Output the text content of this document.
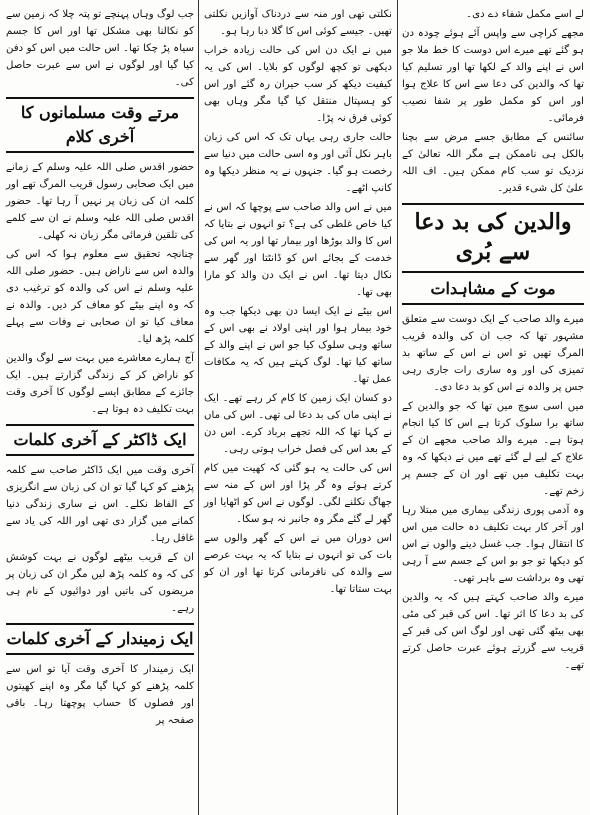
لے اسے مکمل شفاء دے دی۔

مجھے کراچی سے واپس آئے ہوئے چودہ دن ہو گئے تھے میرے اس دوست کا خط ملا جو اس نے اپنے والد کے لکھا تھا اور تسلیم کیا تھا کہ والدین کی دعا سے اس کا علاج ہوا اور اس کو مکمل طور پر شفا نصیب فرمائی۔

سائنس کے مطابق جسے مرض سے بچنا بالکل ہی ناممکن ہے مگر اللہ تعالیٰ کے نزدیک تو سب کام ممکن ہیں۔ اف اللہ علیٰ کل شیء قدیر۔

والدین کی بد دعا سے بُری
موت کے مشاہدات

میرے والد صاحب کے ایک دوست سے متعلق مشہور تھا کہ جب ان کی والدہ قریب المرگ تھیں تو اس نے اس کے ساتھ بد تمیزی کی اور وہ ساری رات جاری رہی جس پر والدہ نے اس کو بد دعا دی۔

میں اسی سوچ میں تھا کہ جو والدین کے ساتھ برا سلوک کرتا ہے اس کا کیا انجام ہوتا ہے۔ میرے والد صاحب مجھے ان کے علاج کے لیے لے گئے تھے میں نے دیکھا کہ وہ بہت تکلیف میں تھے اور ان کے جسم پر زخم تھے۔

وہ آدمی پوری زندگی بیماری میں مبتلا رہا اور آخر کار بہت تکلیف دہ حالت میں اس کا انتقال ہوا۔ جب غسل دینے والوں نے اس کو دیکھا تو جو بو اس کے جسم سے آ رہی تھی وہ برداشت سے باہر تھی۔

میرے والد صاحب کہتے ہیں کہ یہ والدین کی بد دعا کا اثر تھا۔ اس کی قبر کی مٹی بھی بیٹھ گئی تھی اور لوگ اس کی قبر کے قریب سے گزرتے ہوئے عبرت حاصل کرتے تھے۔

نکلتی تھی اور منہ سے دردناک آوازیں نکلتی تھیں۔ جیسے کوئی اس کا گلا دبا رہا ہو۔

میں نے ایک دن اس کی حالت زیادہ خراب دیکھی تو کچھ لوگوں کو بلایا۔ اس کی یہ کیفیت دیکھ کر سب حیران رہ گئے اور اس کو ہسپتال منتقل کیا گیا مگر وہاں بھی کوئی فرق نہ پڑا۔

حالت جاری رہی یہاں تک کہ اس کی زبان باہر نکل آئی اور وہ اسی حالت میں دنیا سے رخصت ہو گیا۔ جنہوں نے یہ منظر دیکھا وہ کانپ اٹھے۔

میں نے اس والد صاحب سے پوچھا کہ اس نے کیا خاص غلطی کی ہے؟ تو انہوں نے بتایا کہ اس کا والد بوڑھا اور بیمار تھا اور یہ اس کی خدمت کے بجائے اس کو ڈانٹتا اور گھر سے نکال دیتا تھا۔ اس نے ایک دن والد کو مارا بھی تھا۔

اس بیٹے نے ایک ایسا دن بھی دیکھا جب وہ خود بیمار ہوا اور اپنی اولاد نے بھی اس کے ساتھ وہی سلوک کیا جو اس نے اپنے والد کے ساتھ کیا تھا۔ لوگ کہتے ہیں کہ یہ مکافات عمل تھا۔

دو کسان ایک زمین کا کام کر رہے تھے۔ ایک نے اپنی ماں کی بد دعا لی تھی۔ اس کی ماں نے کہا تھا کہ اللہ تجھے برباد کرے۔ اس دن کے بعد اس کی فصل خراب ہوتی رہی۔

اس کی حالت یہ ہو گئی کہ کھیت میں کام کرتے ہوئے وہ گر پڑا اور اس کے منہ سے جھاگ نکلنے لگی۔ لوگوں نے اس کو اٹھایا اور گھر لے گئے مگر وہ جانبر نہ ہو سکا۔

اس دوران میں نے اس کے گھر والوں سے بات کی تو انہوں نے بتایا کہ یہ بہت عرصے سے والدہ کی نافرمانی کرتا تھا اور ان کو بہت ستاتا تھا۔

جب لوگ وہاں پہنچے تو پتہ چلا کہ زمین سے کو نکالنا بھی مشکل تھا اور اس کا جسم سیاہ پڑ چکا تھا۔ اس حالت میں اس کو دفن کیا گیا اور لوگوں نے اس سے عبرت حاصل کی۔

مرتے وقت مسلمانوں کا آخری کلام

حضور اقدس صلی اللہ علیہ وسلم کے زمانے میں ایک صحابی رسول قریب المرگ تھے اور کلمہ ان کی زبان پر نہیں آ رہا تھا۔ حضور اقدس صلی اللہ علیہ وسلم نے ان سے کلمے کی تلقین فرمائی مگر زبان نہ کھلی۔

چنانچہ تحقیق سے معلوم ہوا کہ اس کی والدہ اس سے ناراض ہیں۔ حضور صلی اللہ علیہ وسلم نے اس کی والدہ کو ترغیب دی کہ وہ اپنے بیٹے کو معاف کر دیں۔ والدہ نے معاف کیا تو ان صحابی نے وفات سے پہلے کلمہ پڑھ لیا۔

آج ہمارے معاشرے میں بہت سے لوگ والدین کو ناراض کر کے زندگی گزارتے ہیں۔ ایک جائزے کے مطابق ایسے لوگوں کا آخری وقت بہت تکلیف دہ ہوتا ہے۔

ایک ڈاکٹر کے آخری کلمات

آخری وقت میں ایک ڈاکٹر صاحب سے کلمہ پڑھنے کو کہا گیا تو ان کی زبان سے انگریزی کے الفاظ نکلے۔ اس نے ساری زندگی دنیا کمانے میں گزار دی تھی اور اللہ کی یاد سے غافل رہا۔

ان کے قریب بیٹھے لوگوں نے بہت کوشش کی کہ وہ کلمہ پڑھ لیں مگر ان کی زبان پر مریضوں کی باتیں اور دوائیوں کے نام ہی رہے۔

ایک زمیندار کے آخری کلمات

ایک زمیندار کا آخری وقت آیا تو اس سے کلمہ پڑھنے کو کہا گیا مگر وہ اپنے کھیتوں اور فصلوں کا حساب پوچھتا رہا۔ باقی صفحہ پر
